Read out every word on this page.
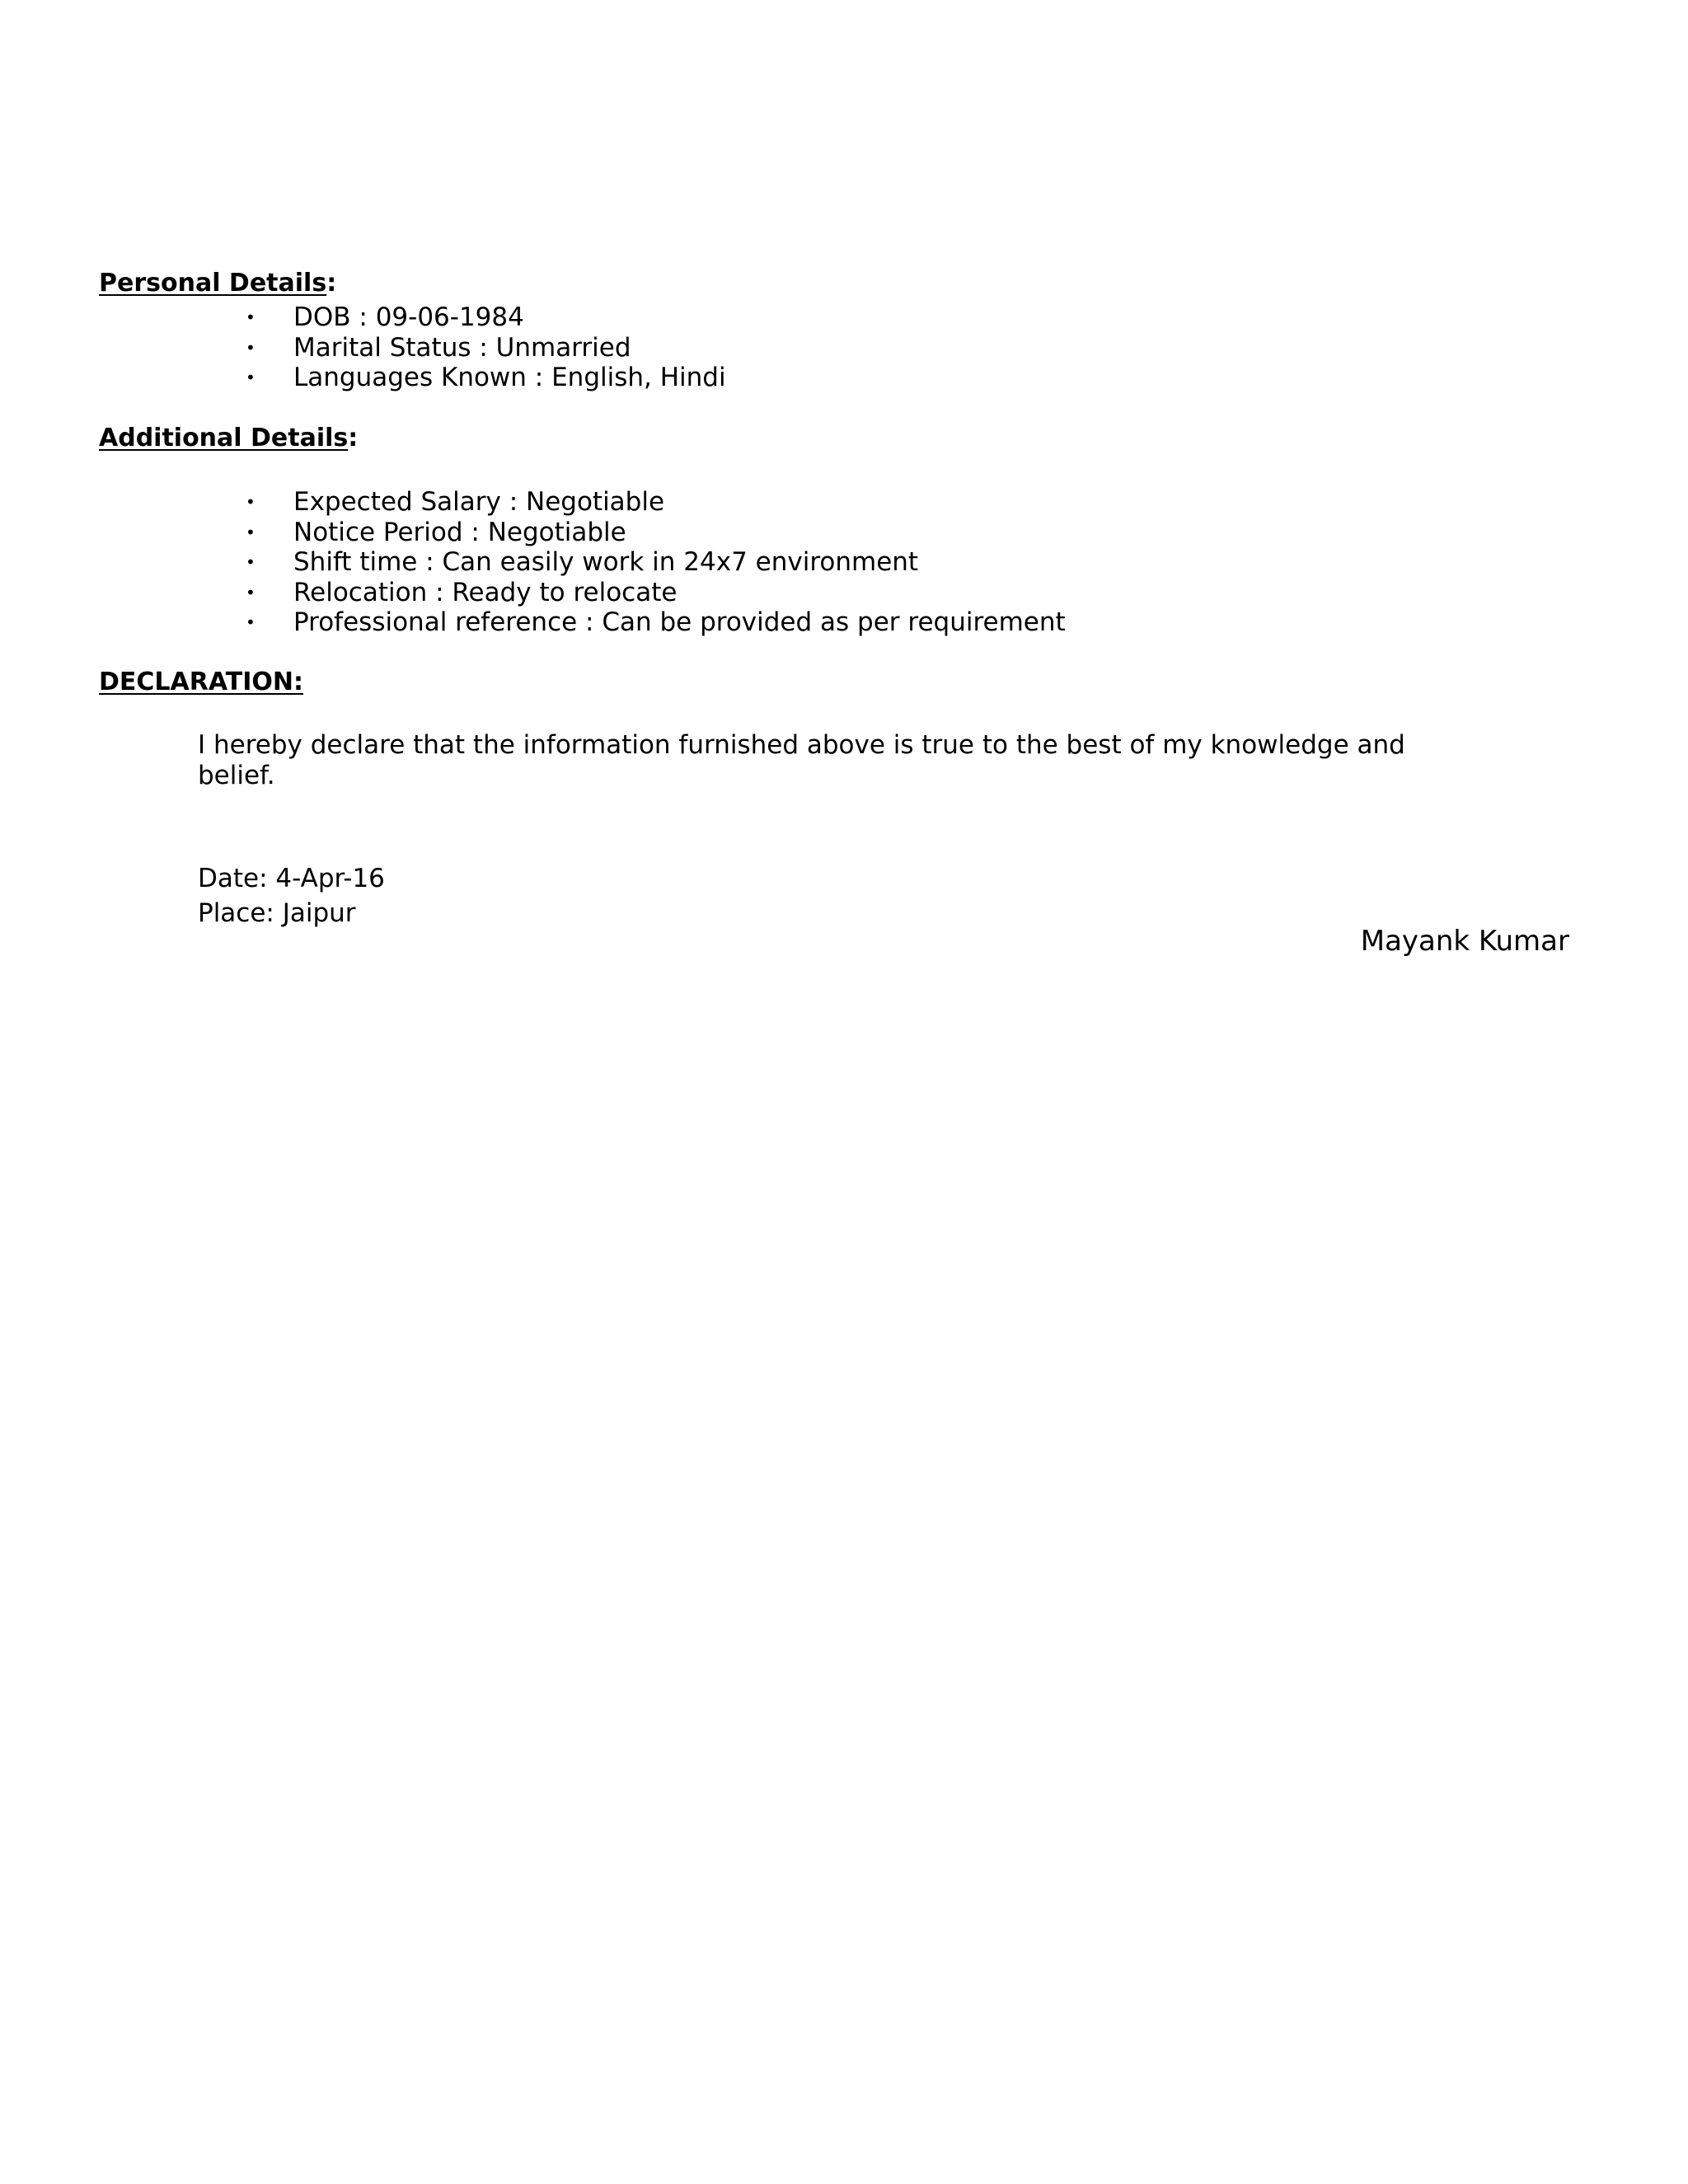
Personal Details:
• DOB : 09-06-1984
• Marital Status : Unmarried
• Languages Known : English, Hindi
Additional Details:
• Expected Salary : Negotiable
• Notice Period : Negotiable
• Shift time : Can easily work in 24x7 environment
• Relocation : Ready to relocate
• Professional reference : Can be provided as per requirement
DECLARATION:

I hereby declare that the information furnished above is true to the best of my knowledge and belief.

Date: 4-Apr-16
Place: Jaipur
Mayank Kumar
